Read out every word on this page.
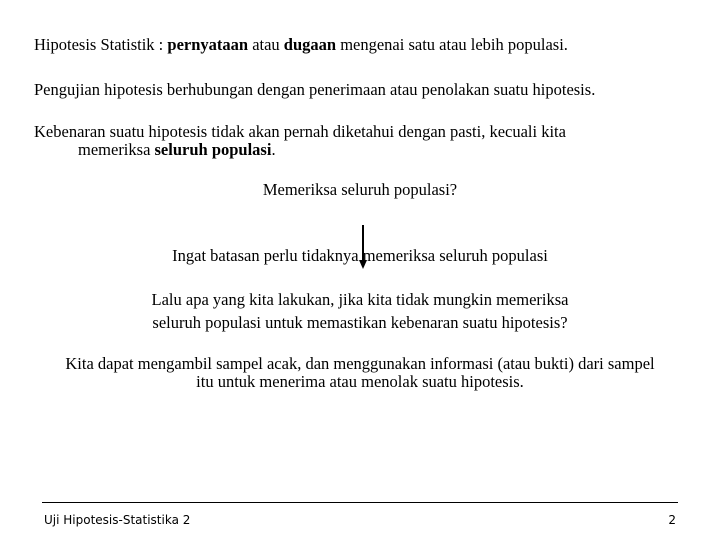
Hipotesis Statistik : pernyataan atau dugaan mengenai satu atau lebih populasi.
Pengujian hipotesis berhubungan dengan penerimaan atau penolakan suatu hipotesis.
Kebenaran suatu hipotesis tidak akan pernah diketahui dengan pasti, kecuali kita
memeriksa seluruh populasi.
Memeriksa seluruh populasi?
Ingat batasan perlu tidaknya memeriksa seluruh populasi
Lalu apa yang kita lakukan, jika kita tidak mungkin memeriksa
seluruh populasi untuk memastikan kebenaran suatu hipotesis?
Kita dapat mengambil sampel acak, dan menggunakan informasi (atau bukti) dari sampel
itu untuk menerima atau menolak suatu hipotesis.
Uji Hipotesis-Statistika 2	2
